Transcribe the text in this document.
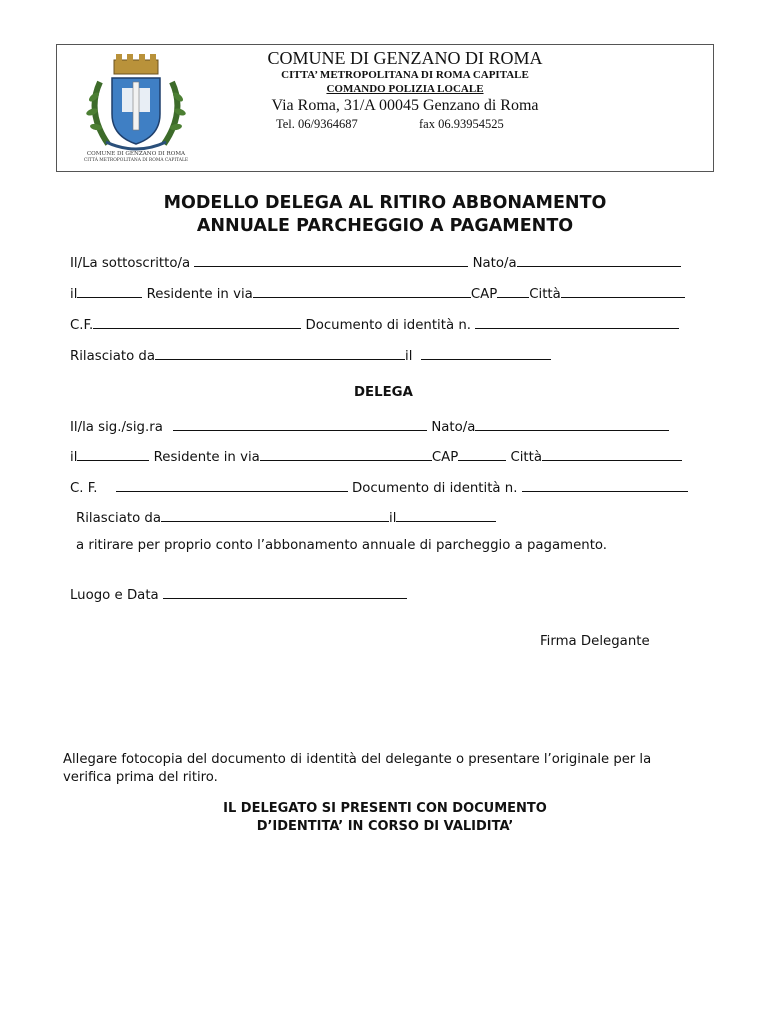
COMUNE DI GENZANO DI ROMA
CITTÀ METROPOLITANA DI ROMA CAPITALE
COMUNE DI GENZANO DI ROMA
CITTA’ METROPOLITANA DI ROMA CAPITALE
COMANDO POLIZIA LOCALE
Via Roma, 31/A 00045 Genzano di Roma
Tel. 06/9364687	fax 06.93954525
MODELLO DELEGA AL RITIRO ABBONAMENTO
ANNUALE PARCHEGGIO A PAGAMENTO
Il/La sottoscritto/a	Nato/a
il	Residente in via	CAP Città
C.F.	Documento di identità n.
Rilasciato da	il
DELEGA
Il/la sig./sig.ra	Nato/a
il	Residente in via	CAP	Città
C. F.	Documento di identità n.
Rilasciato da	il
a ritirare per proprio conto l’abbonamento annuale di parcheggio a pagamento.
Luogo e Data
Firma Delegante
Allegare fotocopia del documento di identità del delegante o presentare l’originale per la
verifica prima del ritiro.
IL DELEGATO SI PRESENTI CON DOCUMENTO
D’IDENTITA’ IN CORSO DI VALIDITA’
